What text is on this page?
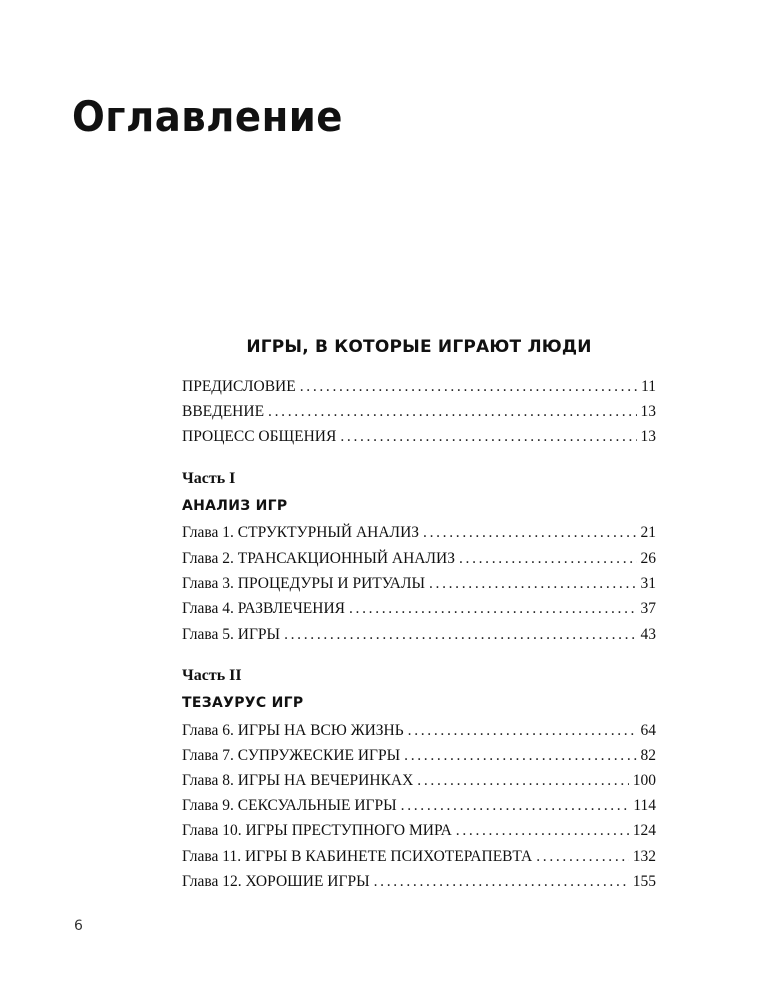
Оглавление
ИГРЫ, В КОТОРЫЕ ИГРАЮТ ЛЮДИ
ПРЕДИСЛОВИЕ . . .	11
ВВЕДЕНИЕ . . .	13
ПРОЦЕСС ОБЩЕНИЯ . . .	13
Часть I
АНАЛИЗ ИГР
Глава 1. СТРУКТУРНЫЙ АНАЛИЗ . . .	21
Глава 2. ТРАНСАКЦИОННЫЙ АНАЛИЗ . . .	26
Глава 3. ПРОЦЕДУРЫ И РИТУАЛЫ . . .	31
Глава 4. РАЗВЛЕЧЕНИЯ . . .	37
Глава 5. ИГРЫ . . .	43
Часть II
ТЕЗАУРУС ИГР
Глава 6. ИГРЫ НА ВСЮ ЖИЗНЬ . . .	64
Глава 7. СУПРУЖЕСКИЕ ИГРЫ . . .	82
Глава 8. ИГРЫ НА ВЕЧЕРИНКАХ . . .	100
Глава 9. СЕКСУАЛЬНЫЕ ИГРЫ . . .	114
Глава 10. ИГРЫ ПРЕСТУПНОГО МИРА . . .	124
Глава 11. ИГРЫ В КАБИНЕТЕ ПСИХОТЕРАПЕВТА . . .	132
Глава 12. ХОРОШИЕ ИГРЫ . . .	155
6
